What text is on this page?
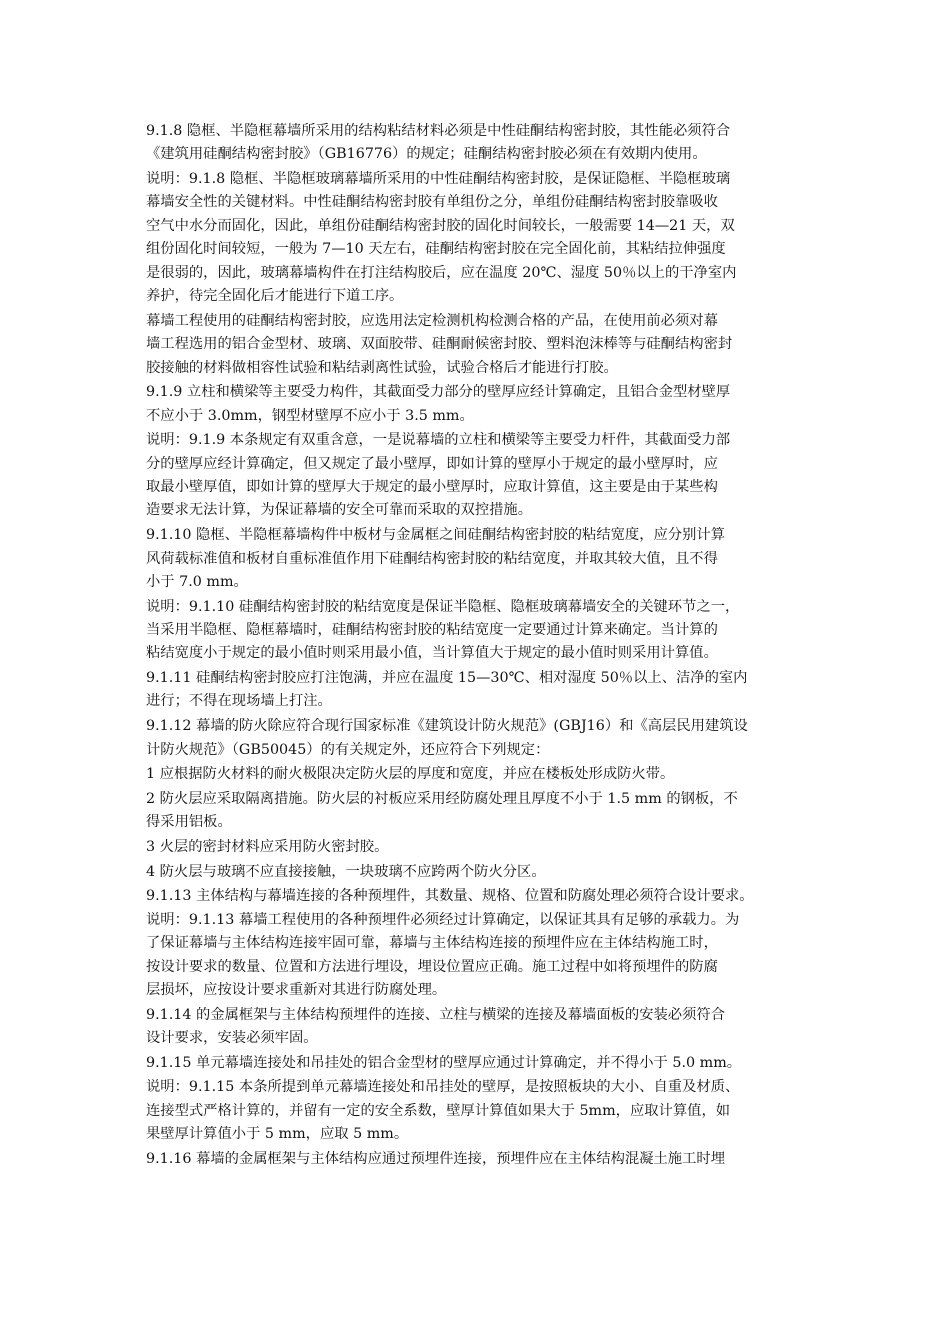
9.1.8 隐框、半隐框幕墙所采用的结构粘结材料必须是中性硅酮结构密封胶，其性能必须符合
《建筑用硅酮结构密封胶》（GB16776）的规定；硅酮结构密封胶必须在有效期内使用。
说明：9.1.8 隐框、半隐框玻璃幕墙所采用的中性硅酮结构密封胶，是保证隐框、半隐框玻璃
幕墙安全性的关键材料。中性硅酮结构密封胶有单组份之分，单组份硅酮结构密封胶靠吸收
空气中水分而固化，因此，单组份硅酮结构密封胶的固化时间较长，一般需要 14—21 天，双
组份固化时间较短，一般为 7—10 天左右，硅酮结构密封胶在完全固化前，其粘结拉伸强度
是很弱的，因此，玻璃幕墙构件在打注结构胶后，应在温度 20℃、湿度 50％以上的干净室内
养护，待完全固化后才能进行下道工序。
幕墙工程使用的硅酮结构密封胶，应选用法定检测机构检测合格的产品，在使用前必须对幕
墙工程选用的铝合金型材、玻璃、双面胶带、硅酮耐候密封胶、塑料泡沫棒等与硅酮结构密封
胶接触的材料做相容性试验和粘结剥离性试验，试验合格后才能进行打胶。
9.1.9 立柱和横梁等主要受力构件，其截面受力部分的壁厚应经计算确定，且铝合金型材壁厚
不应小于 3.0mm，钢型材壁厚不应小于 3.5 mm。
说明：9.1.9 本条规定有双重含意，一是说幕墙的立柱和横梁等主要受力杆件，其截面受力部
分的壁厚应经计算确定，但又规定了最小壁厚，即如计算的壁厚小于规定的最小壁厚时，应
取最小壁厚值，即如计算的壁厚大于规定的最小壁厚时，应取计算值，这主要是由于某些构
造要求无法计算，为保证幕墙的安全可靠而采取的双控措施。
9.1.10 隐框、半隐框幕墙构件中板材与金属框之间硅酮结构密封胶的粘结宽度，应分别计算
风荷载标准值和板材自重标准值作用下硅酮结构密封胶的粘结宽度，并取其较大值，且不得
小于 7.0 mm。
说明：9.1.10 硅酮结构密封胶的粘结宽度是保证半隐框、隐框玻璃幕墙安全的关键环节之一，
当采用半隐框、隐框幕墙时，硅酮结构密封胶的粘结宽度一定要通过计算来确定。当计算的
粘结宽度小于规定的最小值时则采用最小值，当计算值大于规定的最小值时则采用计算值。
9.1.11 硅酮结构密封胶应打注饱满，并应在温度 15—30℃、相对湿度 50％以上、洁净的室内
进行；不得在现场墙上打注。
9.1.12 幕墙的防火除应符合现行国家标准《建筑设计防火规范》(GBJ16）和《高层民用建筑设
计防火规范》（GB50045）的有关规定外，还应符合下列规定：
1 应根据防火材料的耐火极限决定防火层的厚度和宽度，并应在楼板处形成防火带。
2 防火层应采取隔离措施。防火层的衬板应采用经防腐处理且厚度不小于 1.5 mm 的钢板，不
得采用铝板。
3 火层的密封材料应采用防火密封胶。
4 防火层与玻璃不应直接接触，一块玻璃不应跨两个防火分区。
9.1.13 主体结构与幕墙连接的各种预埋件，其数量、规格、位置和防腐处理必须符合设计要求。
说明：9.1.13 幕墙工程使用的各种预埋件必须经过计算确定，以保证其具有足够的承载力。为
了保证幕墙与主体结构连接牢固可靠，幕墙与主体结构连接的预埋件应在主体结构施工时，
按设计要求的数量、位置和方法进行埋设，埋设位置应正确。施工过程中如将预埋件的防腐
层损坏，应按设计要求重新对其进行防腐处理。
9.1.14 的金属框架与主体结构预埋件的连接、立柱与横梁的连接及幕墙面板的安装必须符合
设计要求，安装必须牢固。
9.1.15 单元幕墙连接处和吊挂处的铝合金型材的壁厚应通过计算确定，并不得小于 5.0 mm。
说明：9.1.15 本条所提到单元幕墙连接处和吊挂处的壁厚，是按照板块的大小、自重及材质、
连接型式严格计算的，并留有一定的安全系数，壁厚计算值如果大于 5mm，应取计算值，如
果壁厚计算值小于 5 mm，应取 5 mm。
9.1.16 幕墙的金属框架与主体结构应通过预埋件连接，预埋件应在主体结构混凝土施工时埋
